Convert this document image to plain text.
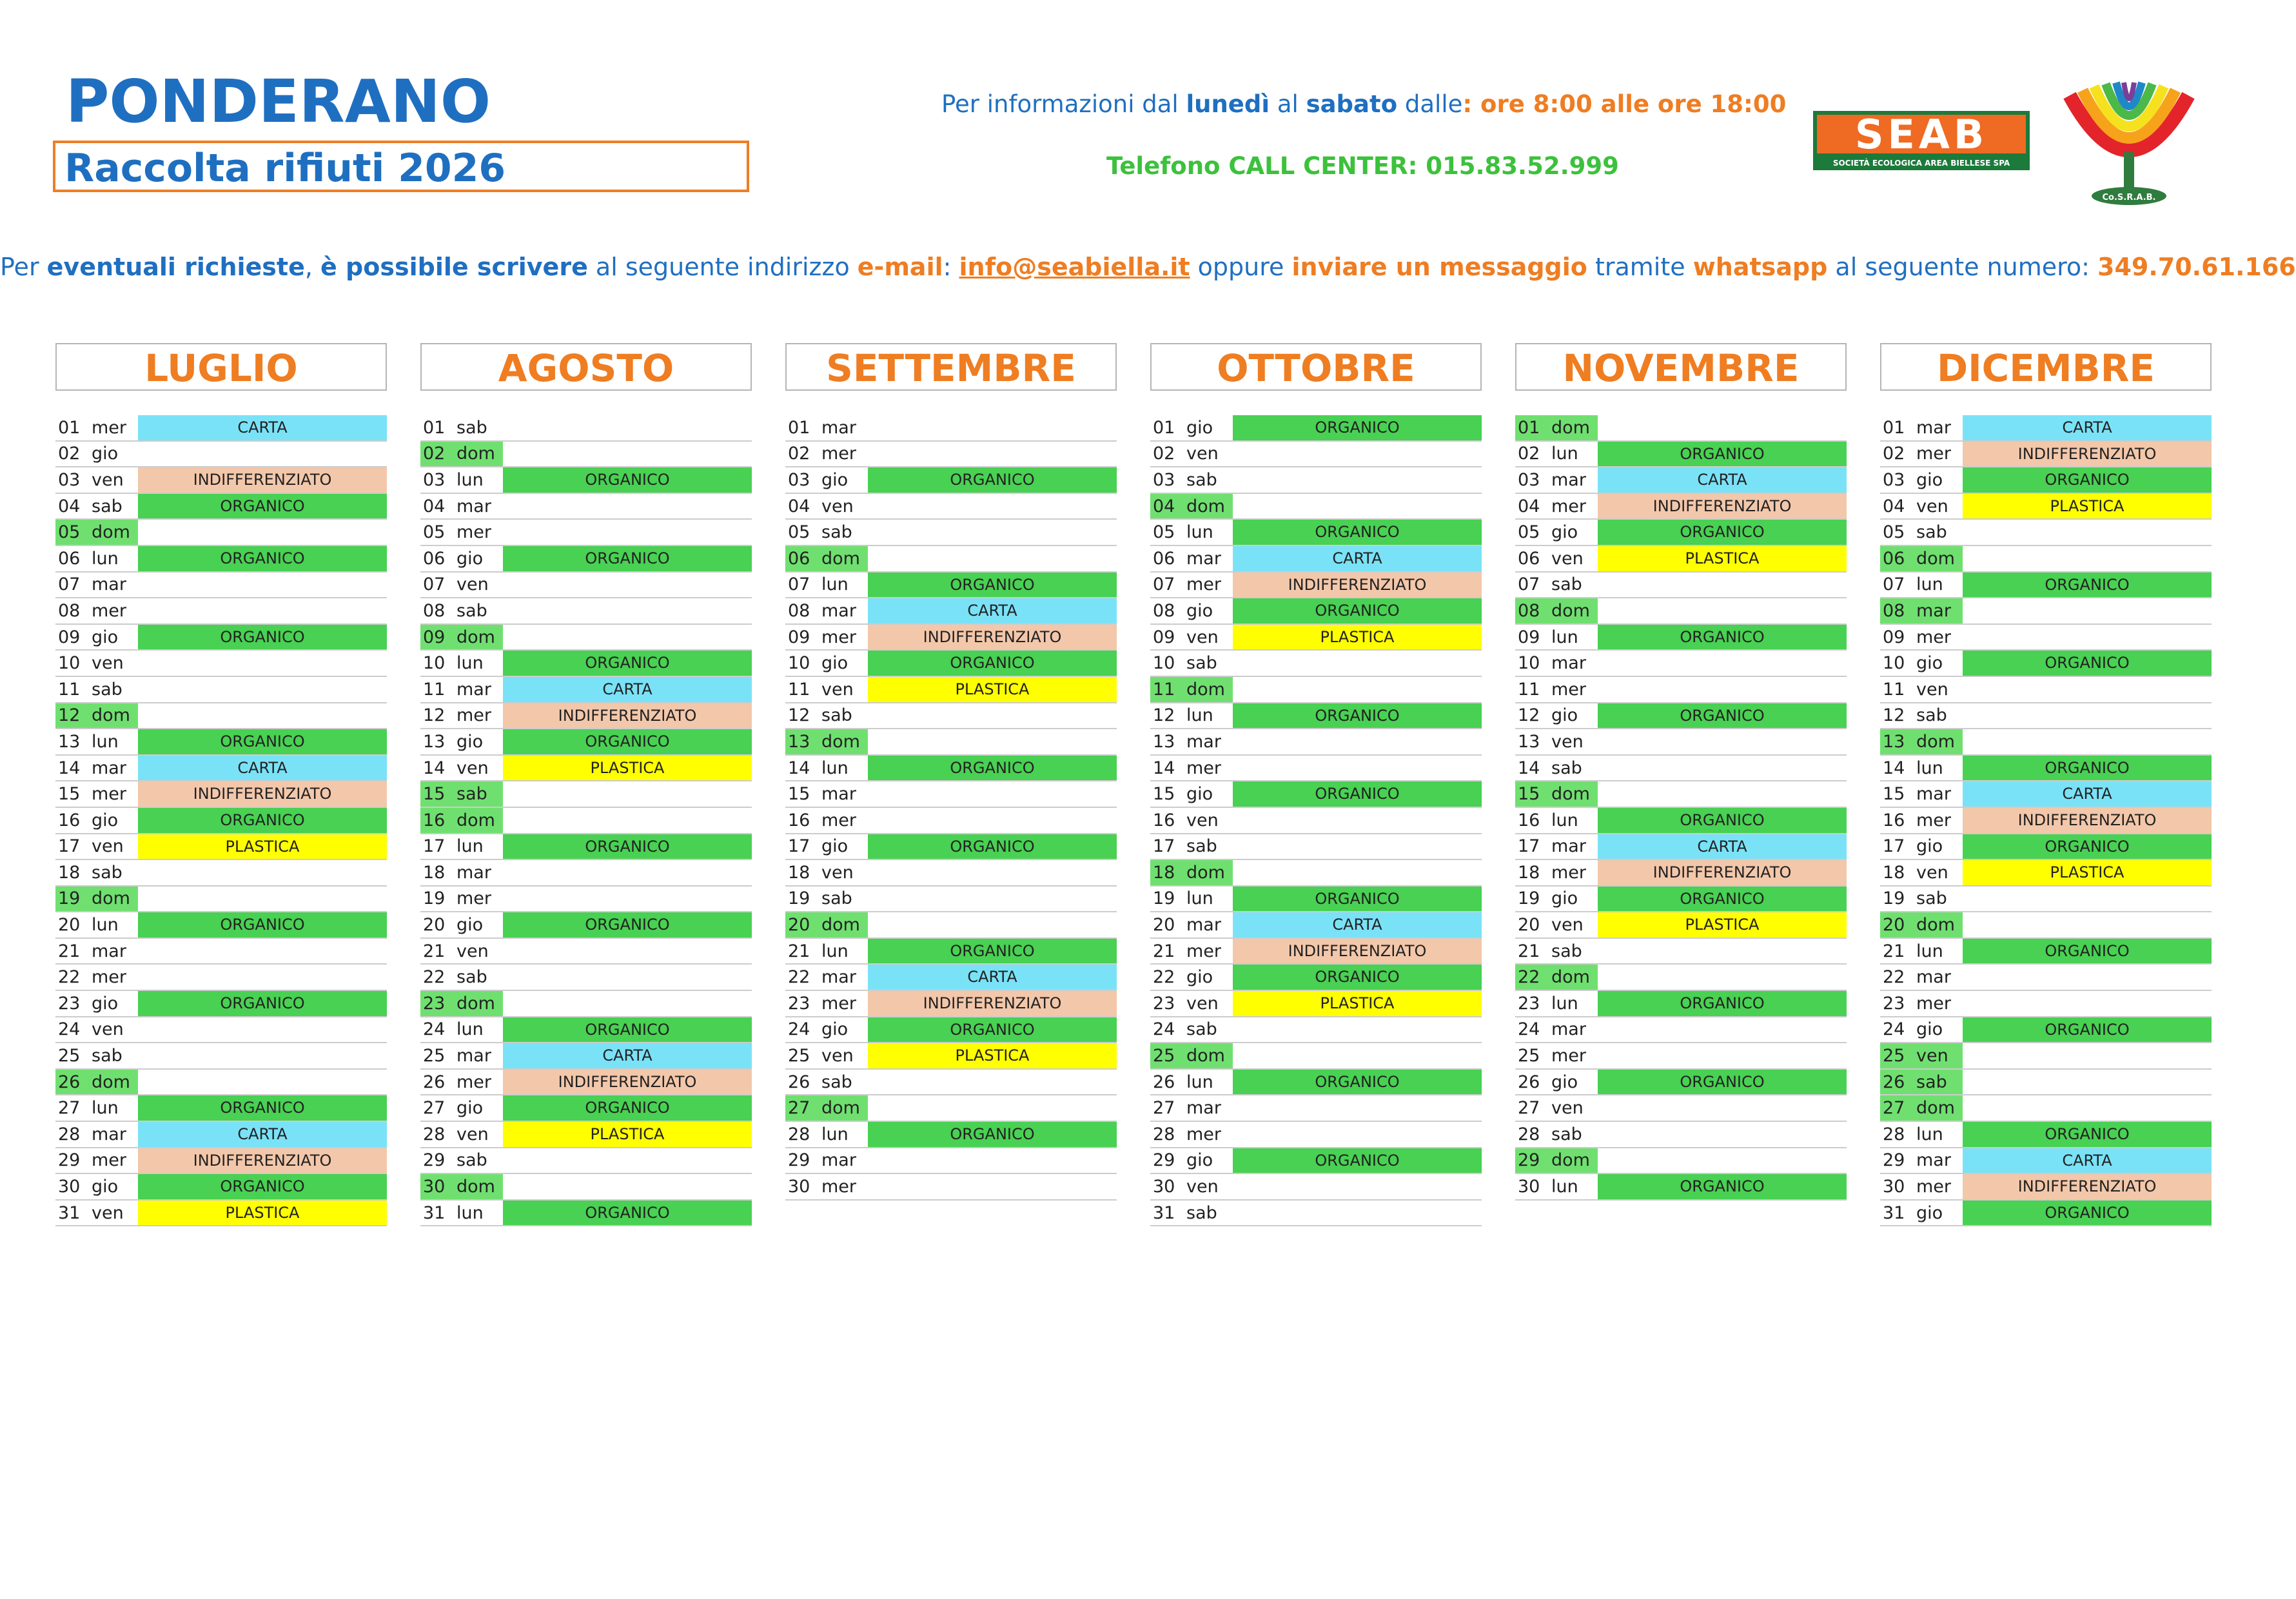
PONDERANO
Raccolta rifiuti 2026
Per informazioni dal lunedì al sabato dalle: ore 8:00 alle ore 18:00
Telefono CALL CENTER: 015.83.52.999
Per eventuali richieste, è possibile scrivere al seguente indirizzo e-mail: info@seabiella.it oppure inviare un messaggio tramite whatsapp al seguente numero: 349.70.61.166
SEAB
SOCIETÀ ECOLOGICA AREA BIELLESE SPA
Co.S.R.A.B.
LUGLIO
01 mer	CARTA
02 gio
03 ven	INDIFFERENZIATO
04 sab	ORGANICO
05 dom
06 lun	ORGANICO
07 mar
08 mer
09 gio	ORGANICO
10 ven
11 sab
12 dom
13 lun	ORGANICO
14 mar	CARTA
15 mer	INDIFFERENZIATO
16 gio	ORGANICO
17 ven	PLASTICA
18 sab
19 dom
20 lun	ORGANICO
21 mar
22 mer
23 gio	ORGANICO
24 ven
25 sab
26 dom
27 lun	ORGANICO
28 mar	CARTA
29 mer	INDIFFERENZIATO
30 gio	ORGANICO
31 ven	PLASTICA
AGOSTO
01 sab
02 dom
03 lun	ORGANICO
04 mar
05 mer
06 gio	ORGANICO
07 ven
08 sab
09 dom
10 lun	ORGANICO
11 mar	CARTA
12 mer	INDIFFERENZIATO
13 gio	ORGANICO
14 ven	PLASTICA
15 sab
16 dom
17 lun	ORGANICO
18 mar
19 mer
20 gio	ORGANICO
21 ven
22 sab
23 dom
24 lun	ORGANICO
25 mar	CARTA
26 mer	INDIFFERENZIATO
27 gio	ORGANICO
28 ven	PLASTICA
29 sab
30 dom
31 lun	ORGANICO
SETTEMBRE
01 mar
02 mer
03 gio	ORGANICO
04 ven
05 sab
06 dom
07 lun	ORGANICO
08 mar	CARTA
09 mer	INDIFFERENZIATO
10 gio	ORGANICO
11 ven	PLASTICA
12 sab
13 dom
14 lun	ORGANICO
15 mar
16 mer
17 gio	ORGANICO
18 ven
19 sab
20 dom
21 lun	ORGANICO
22 mar	CARTA
23 mer	INDIFFERENZIATO
24 gio	ORGANICO
25 ven	PLASTICA
26 sab
27 dom
28 lun	ORGANICO
29 mar
30 mer
OTTOBRE
01 gio	ORGANICO
02 ven
03 sab
04 dom
05 lun	ORGANICO
06 mar	CARTA
07 mer	INDIFFERENZIATO
08 gio	ORGANICO
09 ven	PLASTICA
10 sab
11 dom
12 lun	ORGANICO
13 mar
14 mer
15 gio	ORGANICO
16 ven
17 sab
18 dom
19 lun	ORGANICO
20 mar	CARTA
21 mer	INDIFFERENZIATO
22 gio	ORGANICO
23 ven	PLASTICA
24 sab
25 dom
26 lun	ORGANICO
27 mar
28 mer
29 gio	ORGANICO
30 ven
31 sab
NOVEMBRE
01 dom
02 lun	ORGANICO
03 mar	CARTA
04 mer	INDIFFERENZIATO
05 gio	ORGANICO
06 ven	PLASTICA
07 sab
08 dom
09 lun	ORGANICO
10 mar
11 mer
12 gio	ORGANICO
13 ven
14 sab
15 dom
16 lun	ORGANICO
17 mar	CARTA
18 mer	INDIFFERENZIATO
19 gio	ORGANICO
20 ven	PLASTICA
21 sab
22 dom
23 lun	ORGANICO
24 mar
25 mer
26 gio	ORGANICO
27 ven
28 sab
29 dom
30 lun	ORGANICO
DICEMBRE
01 mar	CARTA
02 mer	INDIFFERENZIATO
03 gio	ORGANICO
04 ven	PLASTICA
05 sab
06 dom
07 lun	ORGANICO
08 mar
09 mer
10 gio	ORGANICO
11 ven
12 sab
13 dom
14 lun	ORGANICO
15 mar	CARTA
16 mer	INDIFFERENZIATO
17 gio	ORGANICO
18 ven	PLASTICA
19 sab
20 dom
21 lun	ORGANICO
22 mar
23 mer
24 gio	ORGANICO
25 ven
26 sab
27 dom
28 lun	ORGANICO
29 mar	CARTA
30 mer	INDIFFERENZIATO
31 gio	ORGANICO
